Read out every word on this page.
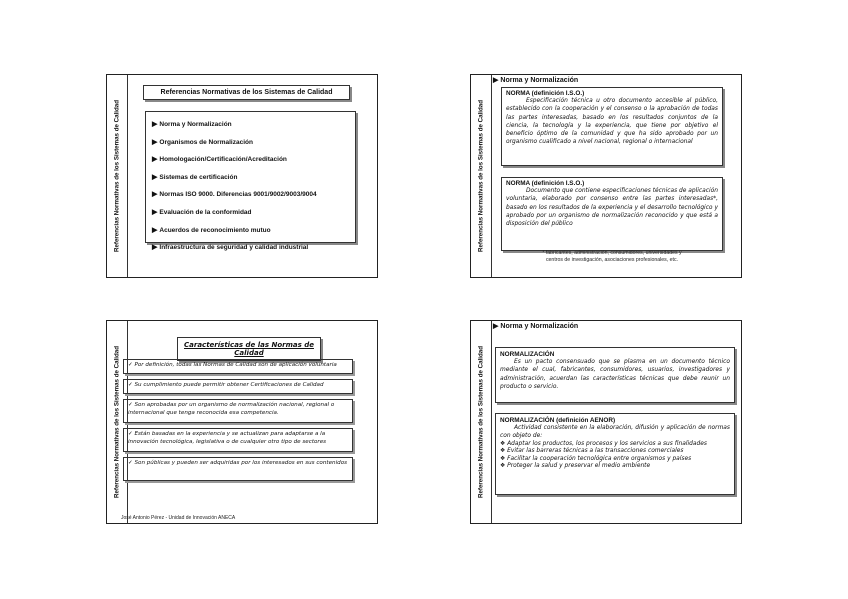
Referencias Normativas de los Sistemas de Calidad
Referencias Normativas de los Sistemas de Calidad
▶ Norma y Normalización
▶ Organismos de Normalización
▶ Homologación/Certificación/Acreditación
▶ Sistemas de certificación
▶ Normas ISO 9000. Diferencias 9001/9002/9003/9004
▶ Evaluación de la conformidad
▶ Acuerdos de reconocimiento mutuo
▶ Infraestructura de seguridad y calidad industrial	Referencias Normativas de los Sistemas de Calidad
▶ Norma y Normalización
NORMA (definición I.S.O.)

Especificación técnica u otro documento accesible al público, establecido con la cooperación y el consenso o la aprobación de todas las partes interesadas, basado en los resultados conjuntos de la ciencia, la tecnología y la experiencia, que tiene por objetivo el beneficio óptimo de la comunidad y que ha sido aprobado por un organismo cualificado a nivel nacional, regional o internacional

NORMA (definición I.S.O.)

Documento que contiene especificaciones técnicas de aplicación voluntaria, elaborado por consenso entre las partes interesadas*, basado en los resultados de la experiencia y el desarrollo tecnológico y aprobado por un organismo de normalización reconocido y que está a disposición del público

* fabricantes, administración, consumidores, universidades y
centros de investigación, asociaciones profesionales, etc.
Referencias Normativas de los Sistemas de Calidad
Características de las Normas de Calidad
✓ Por definición, todas las Normas de Calidad son de aplicación voluntaria
✓ Su cumplimiento puede permitir obtener Certificaciones de Calidad
✓ Son aprobadas por un organismo de normalización nacional, regional o internacional que tenga reconocida esa competencia.
✓ Están basadas en la experiencia y se actualizan para adaptarse a la innovación tecnológica, legislativa o de cualquier otro tipo de sectores
✓ Son públicas y pueden ser adquiridas por los interesados en sus contenidos
José Antonio Pérez - Unidad de Innovación ANECA
Referencias Normativas de los Sistemas de Calidad
▶ Norma y Normalización
NORMALIZACIÓN

Es un pacto consensuado que se plasma en un documento técnico mediante el cual, fabricantes, consumidores, usuarios, investigadores y administración, acuerdan las características técnicas que debe reunir un producto o servicio.

NORMALIZACIÓN (definición AENOR)

Actividad consistente en la elaboración, difusión y aplicación de normas con objeto de:

❖ Adaptar los productos, los procesos y los servicios a sus finalidades

❖ Evitar las barreras técnicas a las transacciones comerciales

❖ Facilitar la cooperación tecnológica entre organismos y países

❖ Proteger la salud y preservar el medio ambiente
